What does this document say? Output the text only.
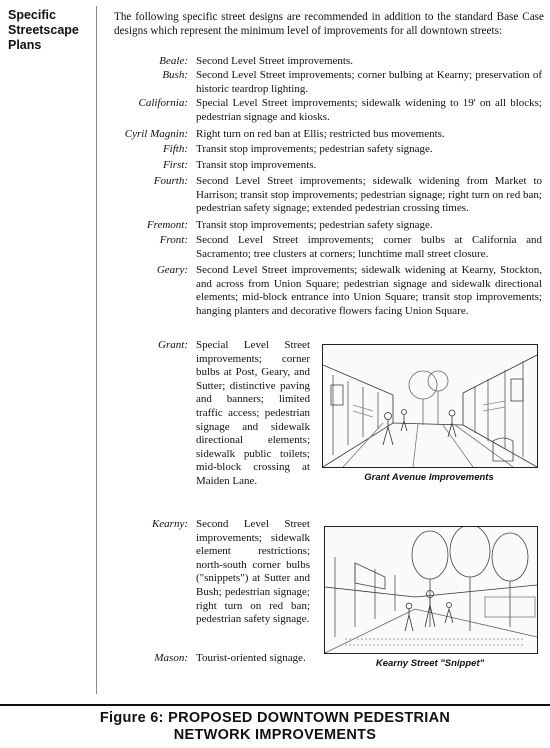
Specific
Streetscape
Plans
The following specific street designs are recommended in addition to the standard Base Case designs which represent the minimum level of improvements for all downtown streets:
Beale: Second Level Street improvements.
Bush: Second Level Street improvements; corner bulbing at Kearny; preservation of historic teardrop lighting.
California: Special Level Street improvements; sidewalk widening to 19' on all blocks; pedestrian signage and kiosks.
Cyril Magnin: Right turn on red ban at Ellis; restricted bus movements.
Fifth: Transit stop improvements; pedestrian safety signage.
First: Transit stop improvements.
Fourth: Second Level Street improvements; sidewalk widening from Market to Harrison; transit stop improvements; pedestrian signage; right turn on red ban; pedestrian safety signage; extended pedestrian crossing times.
Fremont: Transit stop improvements; pedestrian safety signage.
Front: Second Level Street improvements; corner bulbs at California and Sacramento; tree clusters at corners; lunchtime mall street closure.
Geary: Second Level Street improvements; sidewalk widening at Kearny, Stockton, and across from Union Square; pedestrian signage and sidewalk directional elements; mid-block entrance into Union Square; transit stop improvements; hanging planters and decorative flowers facing Union Square.
Grant: Special Level Street improvements; corner bulbs at Post, Geary, and Sutter; distinctive paving and banners; limited traffic access; pedestrian signage and sidewalk directional elements; sidewalk public toilets; mid-block crossing at Maiden Lane.
Kearny: Second Level Street improvements; sidewalk element restrictions; north-south corner bulbs ("snippets") at Sutter and Bush; pedestrian signage; right turn on red ban; pedestrian safety signage.
Mason: Tourist-oriented signage.
Grant Avenue Improvements
Kearny Street "Snippet"
Figure 6: PROPOSED DOWNTOWN PEDESTRIAN
NETWORK IMPROVEMENTS
